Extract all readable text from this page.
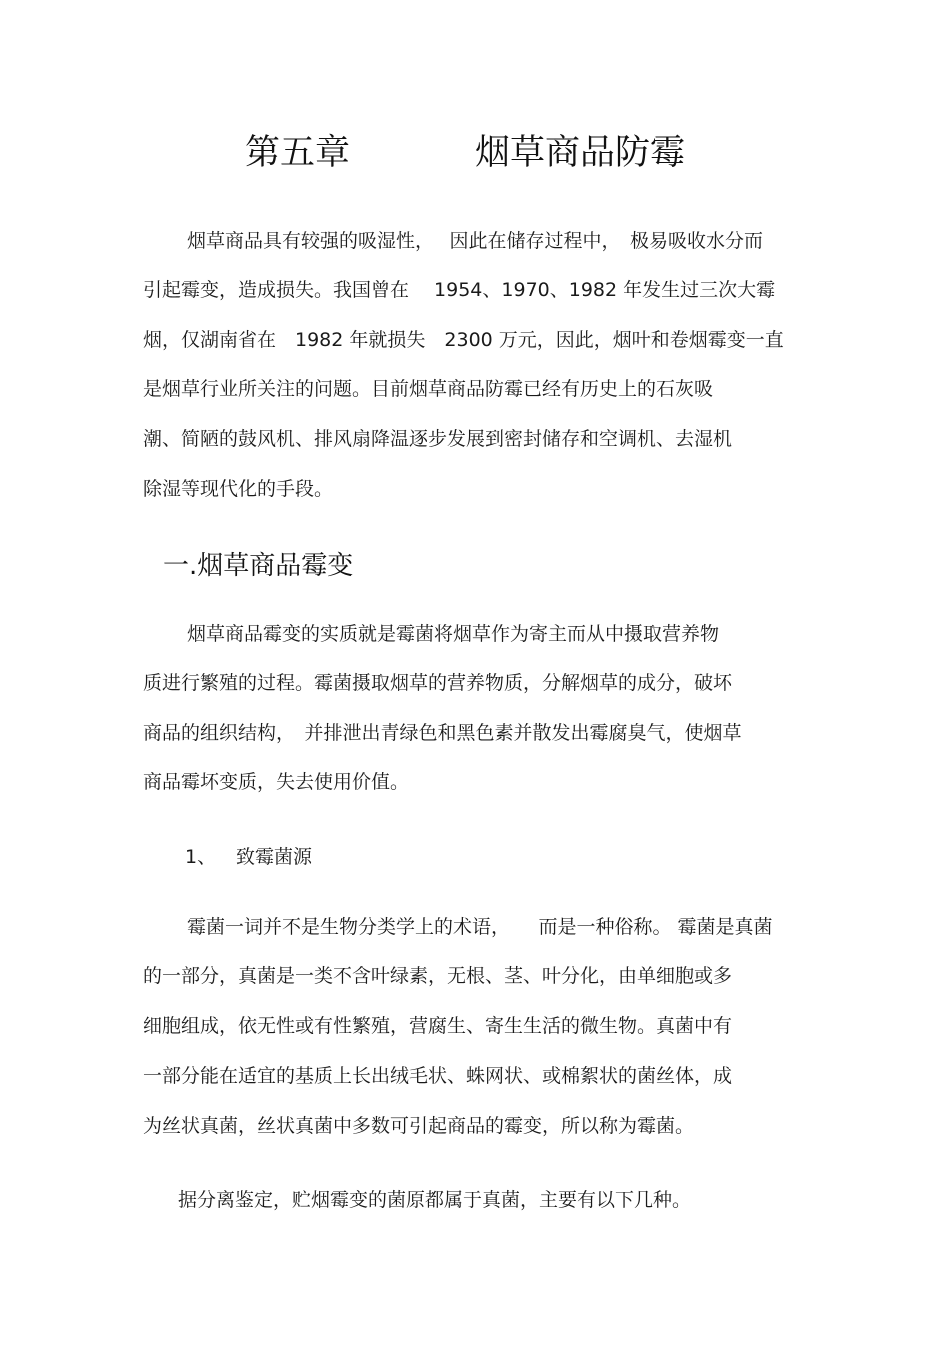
第五章	烟草商品防霉
烟草商品具有较强的吸湿性，　 因此在储存过程中，　极易吸收水分而
引起霉变，造成损失。我国曾在　 1954、1970、1982 年发生过三次大霉
烟，仅湖南省在　1982 年就损失　2300 万元，因此，烟叶和卷烟霉变一直
是烟草行业所关注的问题。目前烟草商品防霉已经有历史上的石灰吸
潮、简陋的鼓风机、排风扇降温逐步发展到密封储存和空调机、去湿机
除湿等现代化的手段。
一.烟草商品霉变
烟草商品霉变的实质就是霉菌将烟草作为寄主而从中摄取营养物
质进行繁殖的过程。霉菌摄取烟草的营养物质，分解烟草的成分，破坏
商品的组织结构，　并排泄出青绿色和黑色素并散发出霉腐臭气，使烟草
商品霉坏变质，失去使用价值。
1、 致霉菌源
霉菌一词并不是生物分类学上的术语，　　而是一种俗称。 霉菌是真菌
的一部分，真菌是一类不含叶绿素，无根、茎、叶分化，由单细胞或多
细胞组成，依无性或有性繁殖，营腐生、寄生生活的微生物。真菌中有
一部分能在适宜的基质上长出绒毛状、蛛网状、或棉絮状的菌丝体，成
为丝状真菌，丝状真菌中多数可引起商品的霉变，所以称为霉菌。
据分离鉴定，贮烟霉变的菌原都属于真菌，主要有以下几种。
